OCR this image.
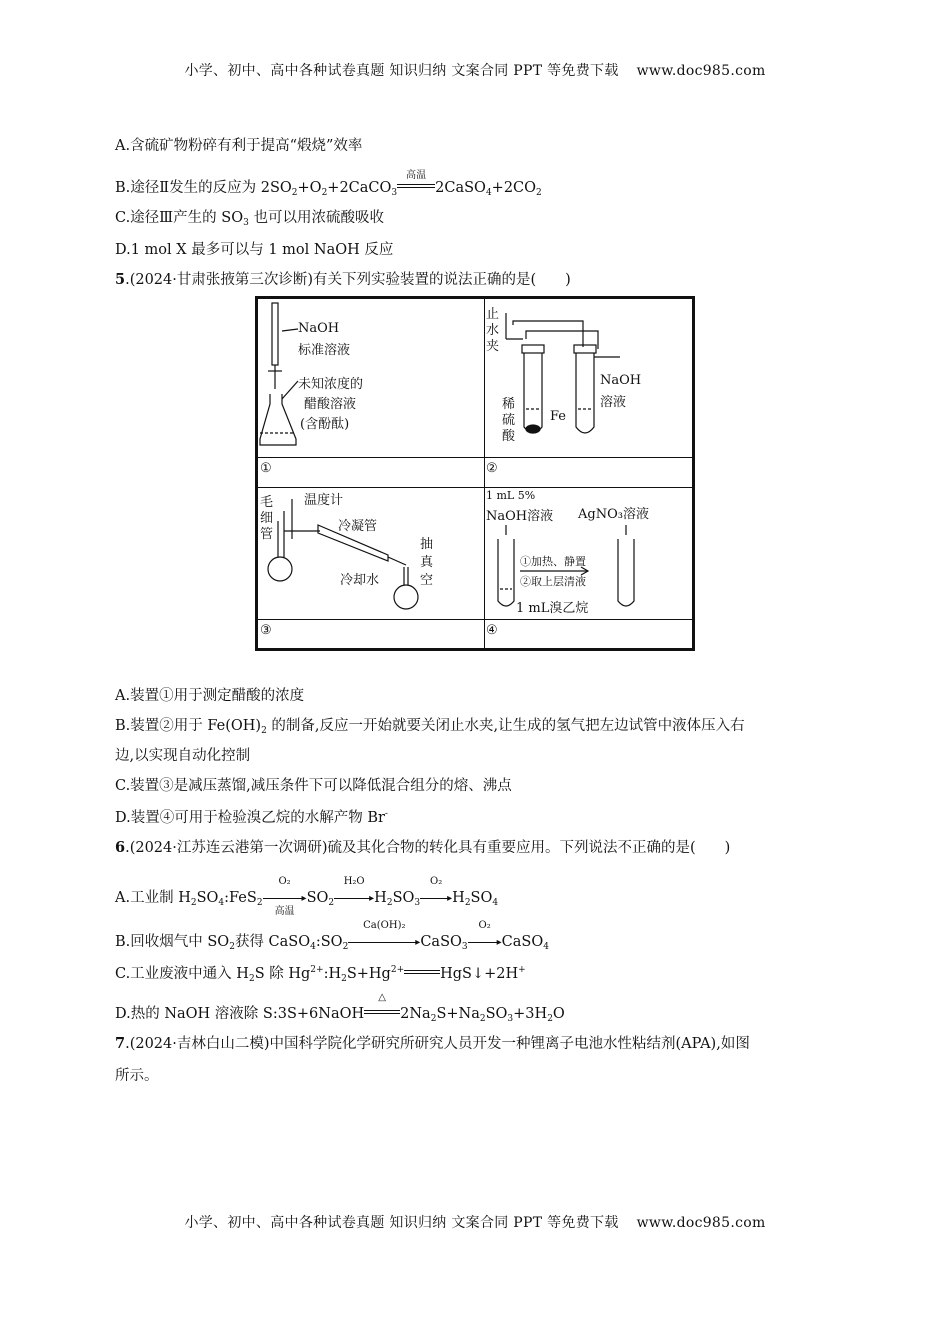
小学、初中、高中各种试卷真题 知识归纳 文案合同 PPT 等免费下载 www.doc985.com
A.含硫矿物粉碎有利于提高“煅烧”效率
B.途径Ⅱ发生的反应为 $2SO_2+O_2+2CaCO_3$
高温
$2CaSO_4+2CO_2$
C.途径Ⅲ产生的 $SO_3$ 也可以用浓硫酸吸收
D.1 mol X 最多可以与 1 mol NaOH 反应
5.(2024·甘肃张掖第三次诊断)有关下列实验装置的说法正确的是(　　)
NaOH
标准溶液
未知浓度的
醋酸溶液
(含酚酞)
①
止
水
夹
NaOH
溶液
稀
硫
酸
Fe
②
毛
细
管
温度计
冷凝管
冷却水
抽
真
空
③
1 mL 5%
NaOH溶液 AgNO₃溶液
①加热、静置
②取上层清液
1 mL溴乙烷
④
A.装置①用于测定醋酸的浓度
B.装置②用于 $Fe(OH)_2$ 的制备,反应一开始就要关闭止水夹,让生成的氢气把左边试管中液体压入右
边,以实现自动化控制
C.装置③是减压蒸馏,减压条件下可以降低混合组分的熔、沸点
D.装置④可用于检验溴乙烷的水解产物 Br-
6.(2024·江苏连云港第一次调研)硫及其化合物的转化具有重要应用。下列说法不正确的是(　　)
A.工业制 $H_2SO_4:FeS_2$
O₂
▸
高温
$SO_2$
H₂O
$▸H_2SO_3$
O₂
$▸H_2SO_4$
B.回收烟气中 $SO_2$获得 $CaSO_4:SO_2$
Ca(OH)₂
▸CaSO$_3$
O₂
▸CaSO$_4$
C.工业废液中通入 $H_2S$ 除 $Hg^{2+}:H_2S+Hg^{2+}$ HgS↓+2H+
D.热的 NaOH 溶液除 S:3S+6NaOH
△
$2Na_2S+Na_2SO_3+3H_2O$
7.(2024·吉林白山二模)中国科学院化学研究所研究人员开发一种锂离子电池水性粘结剂(APA),如图
所示。
小学、初中、高中各种试卷真题 知识归纳 文案合同 PPT 等免费下载 www.doc985.com
